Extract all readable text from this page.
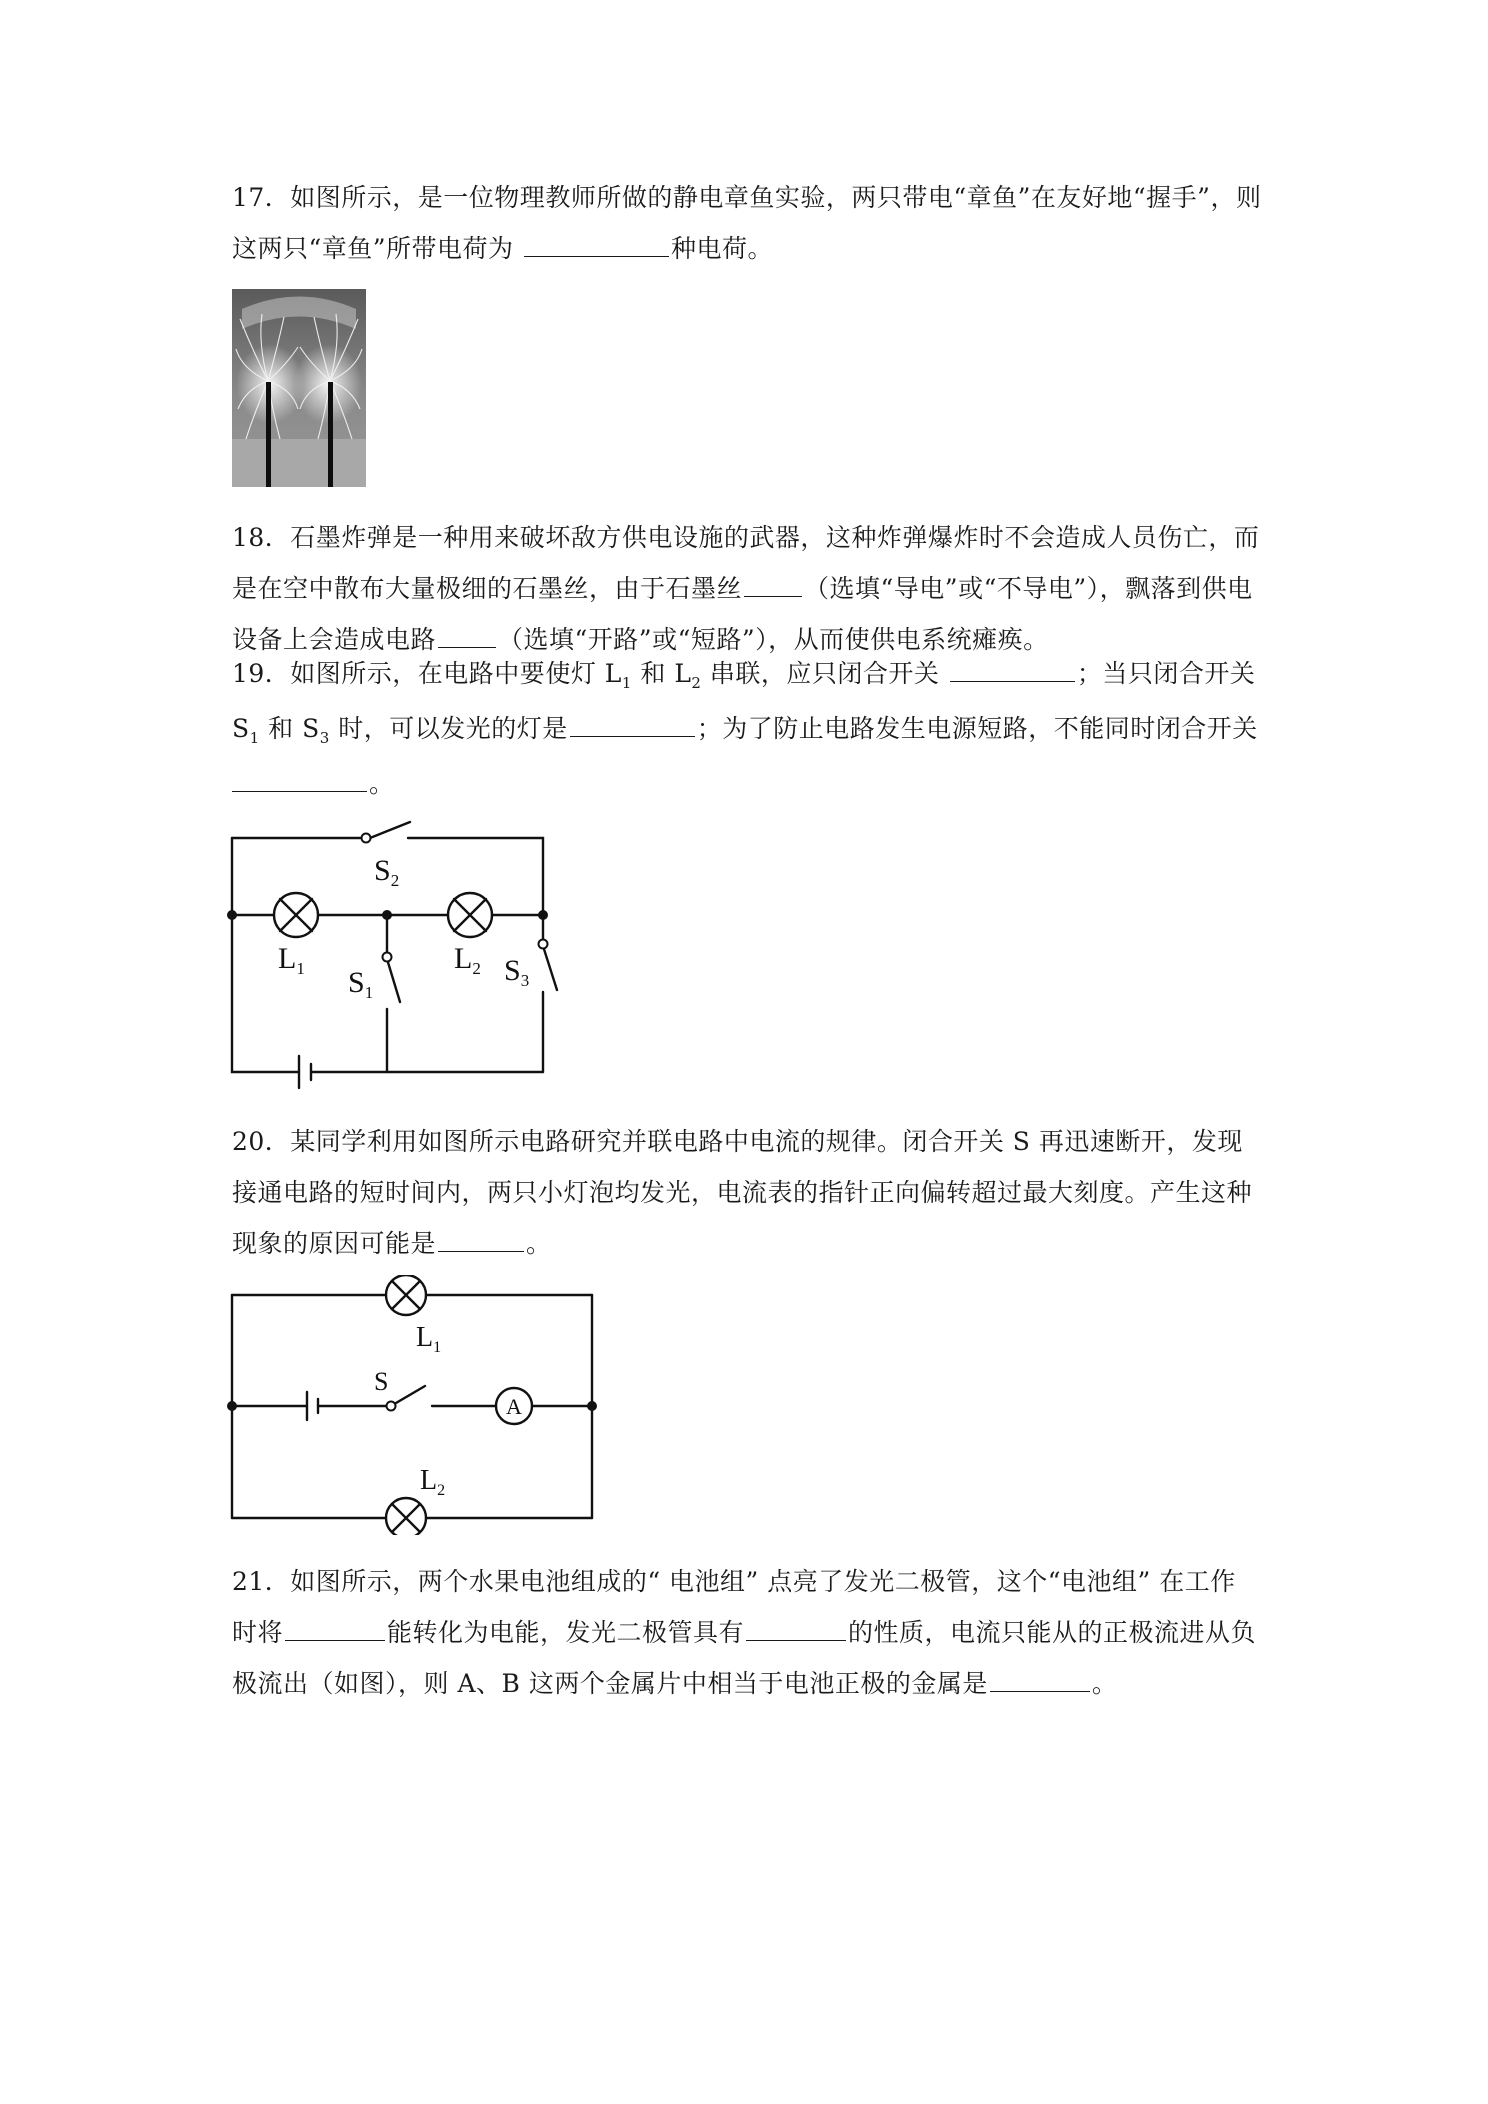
17．如图所示，是一位物理教师所做的静电章鱼实验，两只带电“章鱼”在友好地“握手”，则
这两只“章鱼”所带电荷为	种电荷。
18．石墨炸弹是一种用来破坏敌方供电设施的武器，这种炸弹爆炸时不会造成人员伤亡，而
是在空中散布大量极细的石墨丝，由于石墨丝 （选填“导电”或“不导电”），飘落到供电
设备上会造成电路 （选填“开路”或“短路”），从而使供电系统瘫痪。
19．如图所示，在电路中要使灯 $L_1$ 和 $L_2$ 串联，应只闭合开关	；当只闭合开关
$S_1$ 和 $S_3$ 时，可以发光的灯是	；为了防止电路发生电源短路，不能同时闭合开关
。
$S_2$
$L_1$	$L_2$
$S_1$
$S_3$
20．某同学利用如图所示电路研究并联电路中电流的规律。闭合开关 S 再迅速断开，发现
接通电路的短时间内，两只小灯泡均发光，电流表的指针正向偏转超过最大刻度。产生这种
现象的原因可能是	。
A
S
$L_1$
$L_2$
21．如图所示，两个水果电池组成的“ 电池组” 点亮了发光二极管，这个“电池组” 在工作
时将	能转化为电能，发光二极管具有	的性质，电流只能从的正极流进从负
极流出（如图），则 A、B 这两个金属片中相当于电池正极的金属是	。
